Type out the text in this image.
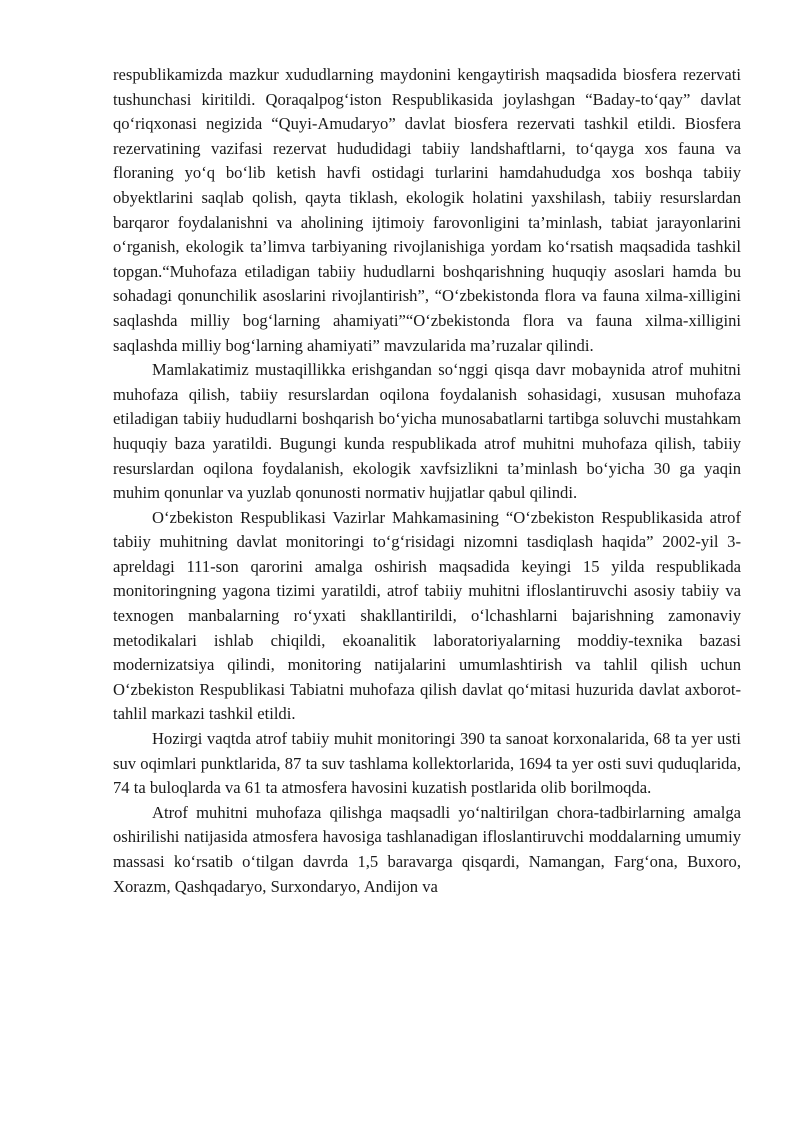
respublikamizda mazkur xududlarning maydonini kengaytirish maqsadida biosfera rezervati tushunchasi kiritildi. Qoraqalpog‘iston Respublikasida joylashgan “Baday-to‘qay” davlat qo‘riqxonasi negizida “Quyi-Amudaryo” davlat biosfera rezervati tashkil etildi. Biosfera rezervatining vazifasi rezervat hududidagi tabiiy landshaftlarni, to‘qayga xos fauna va floraning yo‘q bo‘lib ketish havfi ostidagi turlarini hamdahududga xos boshqa tabiiy obyektlarini saqlab qolish, qayta tiklash, ekologik holatini yaxshilash, tabiiy resurslardan barqaror foydalanishni va aholining ijtimoiy farovonligini ta’minlash, tabiat jarayonlarini o‘rganish, ekologik ta’limva tarbiyaning rivojlanishiga yordam ko‘rsatish maqsadida tashkil topgan.“Muhofaza etiladigan tabiiy hududlarni boshqarishning huquqiy asoslari hamda bu sohadagi qonunchilik asoslarini rivojlantirish”, “O‘zbekistonda flora va fauna xilma-xilligini saqlashda milliy bog‘larning ahamiyati”“O‘zbekistonda flora va fauna xilma-xilligini saqlashda milliy bog‘larning ahamiyati” mavzularida ma’ruzalar qilindi.

Mamlakatimiz mustaqillikka erishgandan so‘nggi qisqa davr mobaynida atrof muhitni muhofaza qilish, tabiiy resurslardan oqilona foydalanish sohasidagi, xususan muhofaza etiladigan tabiiy hududlarni boshqarish bo‘yicha munosabatlarni tartibga soluvchi mustahkam huquqiy baza yaratildi. Bugungi kunda respublikada atrof muhitni muhofaza qilish, tabiiy resurslardan oqilona foydalanish, ekologik xavfsizlikni ta’minlash bo‘yicha 30 ga yaqin muhim qonunlar va yuzlab qonunosti normativ hujjatlar qabul qilindi.

O‘zbekiston Respublikasi Vazirlar Mahkamasining “O‘zbekiston Respublikasida atrof tabiiy muhitning davlat monitoringi to‘g‘risidagi nizomni tasdiqlash haqida” 2002-yil 3-apreldagi 111-son qarorini amalga oshirish maqsadida keyingi 15 yilda respublikada monitoringning yagona tizimi yaratildi, atrof tabiiy muhitni ifloslantiruvchi asosiy tabiiy va texnogen manbalarning ro‘yxati shakllantirildi, o‘lchashlarni bajarishning zamonaviy metodikalari ishlab chiqildi, ekoanalitik laboratoriyalarning moddiy-texnika bazasi modernizatsiya qilindi, monitoring natijalarini umumlashtirish va tahlil qilish uchun O‘zbekiston Respublikasi Tabiatni muhofaza qilish davlat qo‘mitasi huzurida davlat axborot-tahlil markazi tashkil etildi.

Hozirgi vaqtda atrof tabiiy muhit monitoringi 390 ta sanoat korxonalarida, 68 ta yer usti suv oqimlari punktlarida, 87 ta suv tashlama kollektorlarida, 1694 ta yer osti suvi quduqlarida, 74 ta buloqlarda va 61 ta atmosfera havosini kuzatish postlarida olib borilmoqda.

Atrof muhitni muhofaza qilishga maqsadli yo‘naltirilgan chora-tadbirlarning amalga oshirilishi natijasida atmosfera havosiga tashlanadigan ifloslantiruvchi moddalarning umumiy massasi ko‘rsatib o‘tilgan davrda 1,5 baravarga qisqardi, Namangan, Farg‘ona, Buxoro, Xorazm, Qashqadaryo, Surxondaryo, Andijon va
